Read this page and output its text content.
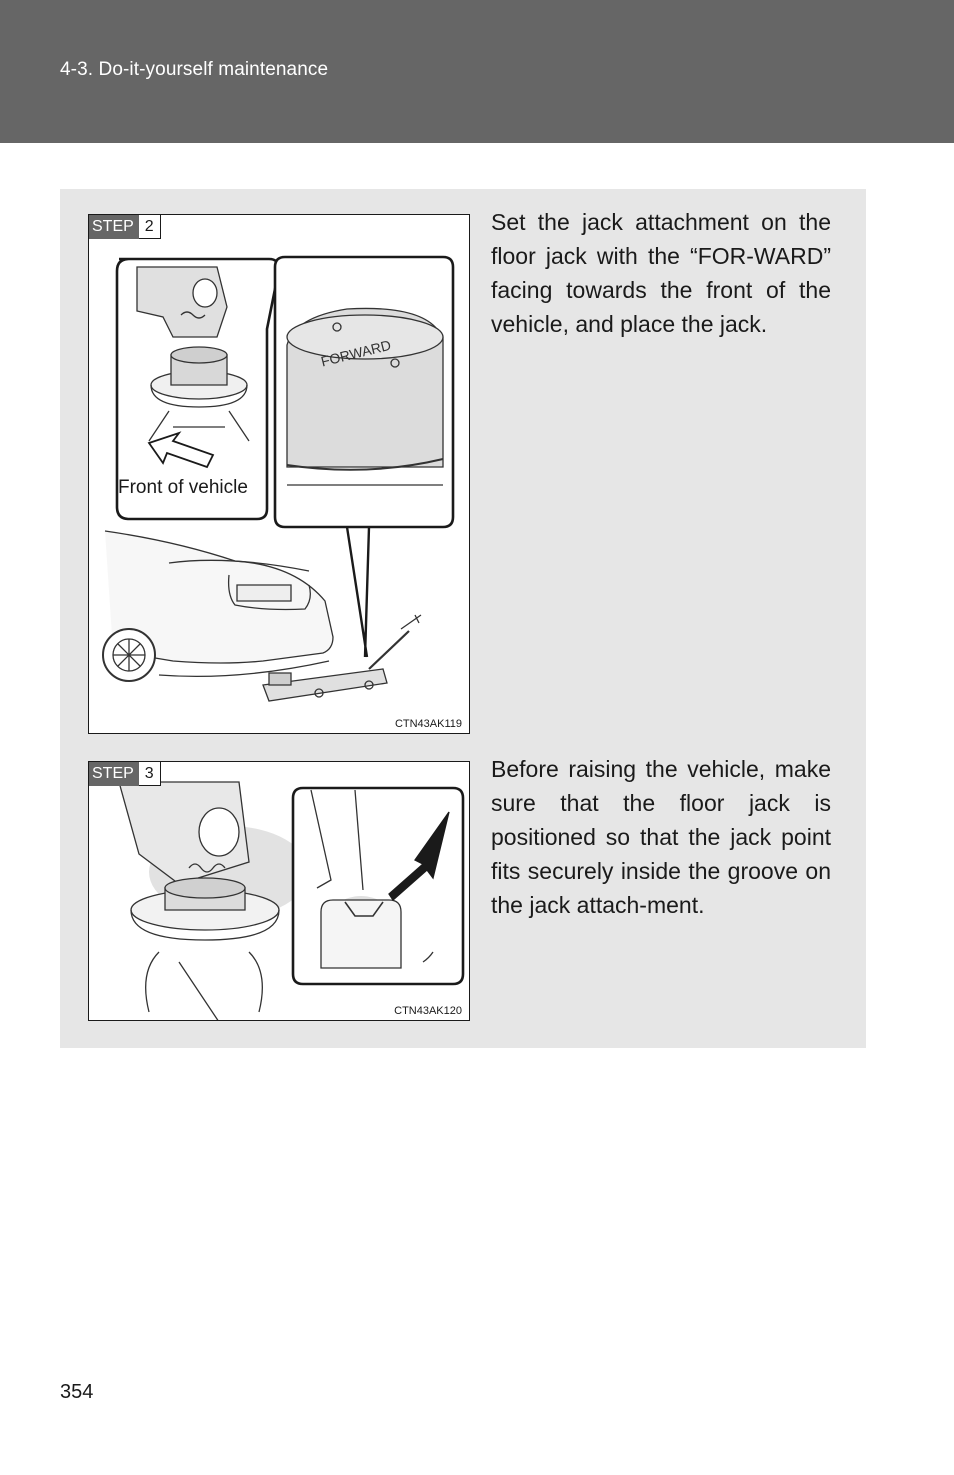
4-3. Do-it-yourself maintenance
FORWARD
STEP 2
Front of vehicle
CTN43AK119
Set the jack attachment on the floor jack with the “FOR-WARD” facing towards the front of the vehicle, and place the jack.
STEP 3
CTN43AK120
Before raising the vehicle, make sure that the floor jack is positioned so that the jack point fits securely inside the groove on the jack attach-ment.
354
